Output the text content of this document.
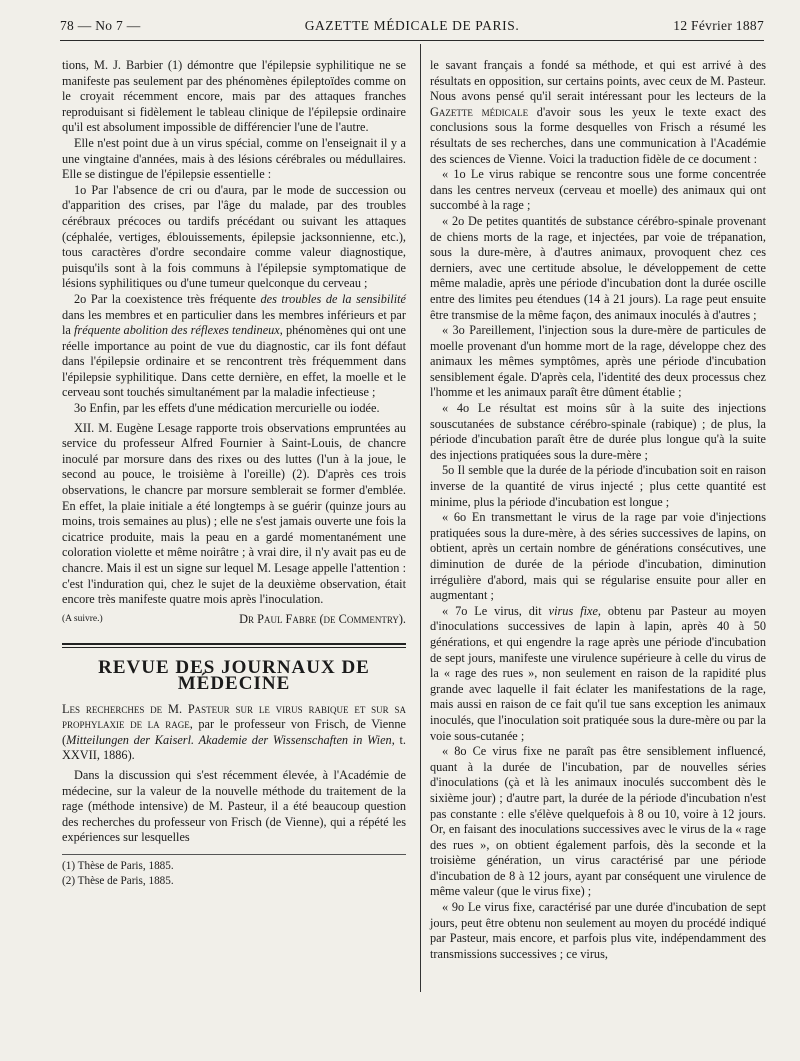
78 — No 7 —	GAZETTE MÉDICALE DE PARIS.	12 Février 1887

tions, M. J. Barbier (1) démontre que l'épilepsie syphilitique ne se manifeste pas seulement par des phénomènes épileptoïdes comme on le croyait récemment encore, mais par des attaques franches reproduisant si fidèlement le tableau clinique de l'épilepsie ordinaire qu'il est absolument impossible de différencier l'une de l'autre.

Elle n'est point due à un virus spécial, comme on l'enseignait il y a une vingtaine d'années, mais à des lésions cérébrales ou médullaires. Elle se distingue de l'épilepsie essentielle :

1o Par l'absence de cri ou d'aura, par le mode de succession ou d'apparition des crises, par l'âge du malade, par des troubles cérébraux précoces ou tardifs précédant ou suivant les attaques (céphalée, vertiges, éblouissements, épilepsie jacksonnienne, etc.), tous caractères d'ordre secondaire comme valeur diagnostique, puisqu'ils sont à la fois communs à l'épilepsie symptomatique de lésions syphilitiques ou d'une tumeur quelconque du cerveau ;

2o Par la coexistence très fréquente des troubles de la sensibilité dans les membres et en particulier dans les membres inférieurs et par la fréquente abolition des réflexes tendineux, phénomènes qui ont une réelle importance au point de vue du diagnostic, car ils font défaut dans l'épilepsie ordinaire et se rencontrent très fréquemment dans l'épilepsie syphilitique. Dans cette dernière, en effet, la moelle et le cerveau sont touchés simultanément par la maladie infectieuse ;

3o Enfin, par les effets d'une médication mercurielle ou iodée.

XII. M. Eugène Lesage rapporte trois observations empruntées au service du professeur Alfred Fournier à Saint-Louis, de chancre inoculé par morsure dans des rixes ou des luttes (l'un à la joue, le second au pouce, le troisième à l'oreille) (2). D'après ces trois observations, le chancre par morsure semblerait se former d'emblée. En effet, la plaie initiale a été longtemps à se guérir (quinze jours au moins, trois semaines au plus) ; elle ne s'est jamais ouverte une fois la cicatrice produite, mais la peau en a gardé momentanément une coloration violette et même noirâtre ; à vrai dire, il n'y avait pas eu de chancre. Mais il est un signe sur lequel M. Lesage appelle l'attention : c'est l'induration qui, chez le sujet de la deuxième observation, était encore très manifeste quatre mois après l'inoculation.

(A suivre.)	Dr Paul Fabre (de Commentry).
REVUE DES JOURNAUX DE MÉDECINE

Les recherches de M. Pasteur sur le virus rabique et sur sa prophylaxie de la rage, par le professeur von Frisch, de Vienne (Mitteilungen der Kaiserl. Akademie der Wissenschaften in Wien, t. XXVII, 1886).

Dans la discussion qui s'est récemment élevée, à l'Académie de médecine, sur la valeur de la nouvelle méthode du traitement de la rage (méthode intensive) de M. Pasteur, il a été beaucoup question des recherches du professeur von Frisch (de Vienne), qui a répété les expériences sur lesquelles

(1) Thèse de Paris, 1885.
(2) Thèse de Paris, 1885.

le savant français a fondé sa méthode, et qui est arrivé à des résultats en opposition, sur certains points, avec ceux de M. Pasteur. Nous avons pensé qu'il serait intéressant pour les lecteurs de la Gazette médicale d'avoir sous les yeux le texte exact des conclusions sous la forme desquelles von Frisch a résumé les résultats de ses recherches, dans une communication à l'Académie des sciences de Vienne. Voici la traduction fidèle de ce document :

« 1o Le virus rabique se rencontre sous une forme concentrée dans les centres nerveux (cerveau et moelle) des animaux qui ont succombé à la rage ;

« 2o De petites quantités de substance cérébro-spinale provenant de chiens morts de la rage, et injectées, par voie de trépanation, sous la dure-mère, à d'autres animaux, provoquent chez ces derniers, avec une certitude absolue, le développement de cette même maladie, après une période d'incubation dont la durée oscille entre des limites peu étendues (14 à 21 jours). La rage peut ensuite être transmise de la même façon, des animaux inoculés à d'autres ;

« 3o Pareillement, l'injection sous la dure-mère de particules de moelle provenant d'un homme mort de la rage, développe chez des animaux les mêmes symptômes, après une période d'incubation sensiblement égale. D'après cela, l'identité des deux processus chez l'homme et les animaux paraît être dûment établie ;

« 4o Le résultat est moins sûr à la suite des injections souscutanées de substance cérébro-spinale (rabique) ; de plus, la période d'incubation paraît être de durée plus longue qu'à la suite des injections pratiquées sous la dure-mère ;

5o Il semble que la durée de la période d'incubation soit en raison inverse de la quantité de virus injecté ; plus cette quantité est minime, plus la période d'incubation est longue ;

« 6o En transmettant le virus de la rage par voie d'injections pratiquées sous la dure-mère, à des séries successives de lapins, on obtient, après un certain nombre de générations consécutives, une diminution de durée de la période d'incubation, diminution irrégulière d'abord, mais qui se régularise ensuite pour aller en augmentant ;

« 7o Le virus, dit virus fixe, obtenu par Pasteur au moyen d'inoculations successives de lapin à lapin, après 40 à 50 générations, et qui engendre la rage après une période d'incubation de sept jours, manifeste une virulence supérieure à celle du virus de la « rage des rues », non seulement en raison de la rapidité plus grande avec laquelle il fait éclater les manifestations de la rage, mais aussi en raison de ce fait qu'il tue sans exception les animaux inoculés, que l'inoculation soit pratiquée sous la dure-mère ou par la voie sous-cutanée ;

« 8o Ce virus fixe ne paraît pas être sensiblement influencé, quant à la durée de l'incubation, par de nouvelles séries d'inoculations (çà et là les animaux inoculés succombent dès le sixième jour) ; d'autre part, la durée de la période d'incubation n'est pas constante : elle s'élève quelquefois à 8 ou 10, voire à 12 jours. Or, en faisant des inoculations successives avec le virus de la « rage des rues », on obtient également parfois, dès la seconde et la troisième génération, un virus caractérisé par une période d'incubation de 8 à 12 jours, ayant par conséquent une virulence de même valeur (que le virus fixe) ;

« 9o Le virus fixe, caractérisé par une durée d'incubation de sept jours, peut être obtenu non seulement au moyen du procédé indiqué par Pasteur, mais encore, et parfois plus vite, indépendamment des transmissions successives ; ce virus,
